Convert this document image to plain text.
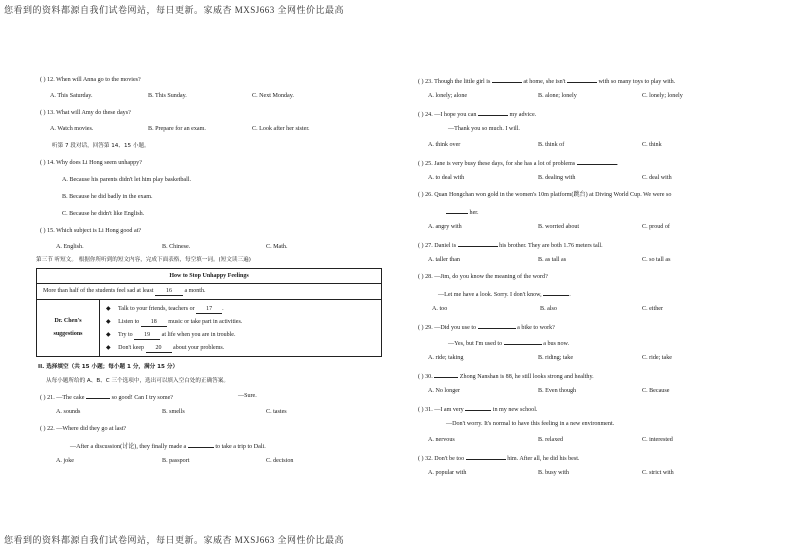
您看到的资料都源自我们试卷网站，每日更新。家威杏 MXSJ663 全网性价比最高
( ) 12. When will Anna go to the movies?
A. This Saturday.	B. This Sunday.	C. Next Monday.
( ) 13. What will Amy do these days?
A. Watch movies.	B. Prepare for an exam.	C. Look after her sister.
听第 7 段对话，回答第 14、15 小题。
( ) 14. Why does Li Hong seem unhappy?
A. Because his parents didn't let him play basketball.
B. Because he did badly in the exam.
C. Because he didn't like English.
( ) 15. Which subject is Li Hong good at?
A. English.	B. Chinese.	C. Math.
第三节 听短文。 根据你所听到的短文内容，完成下面表格，每空填一词。(短文读三遍)
How to Stop Unhappy Feelings
More than half of the students feel sad at least 16 a month.

Dr. Chen's
suggestions

◆ Talk to your friends, teachers or 17 .
◆ Listen to 18 music or take part in activities.
◆ Try to 19 at life when you are in trouble.
◆ Don't keep 20 about your problems.
II. 选择填空（共 15 小题；每小题 1 分，满分 15 分）
从每小题所给的 A、B、C 三个选项中，选出可以填入空白处的正确答案。
( ) 21. —The cake	so good! Can I try some?	—Sure.
A. sounds	B. smells	C. tastes
( ) 22. —Where did they go at last?
—After a discussion(讨论), they finally made a	to take a trip to Dali.
A. joke	B. passport	C. decision
( ) 23. Though the little girl is	at home, she isn't	with so many toys to play with.
A. lonely; alone	B. alone; lonely	C. lonely; lonely
( ) 24. —I hope you can	my advice.
—Thank you so much. I will.
A. think over	B. think of	C. think
( ) 25. Jane is very busy these days, for she has a lot of problems	.
A. to deal with	B. dealing with	C. deal with
( ) 26. Quan Hongchan won gold in the women's 10m platform(跳台) at Diving World Cup. We were so
her.
A. angry with	B. worried about	C. proud of
( ) 27. Daniel is	his brother. They are both 1.76 meters tall.
A. taller than	B. as tall as	C. so tall as
( ) 28. —Jim, do you know the meaning of the word?
—Let me have a look. Sorry. I don't know,	.
A. too	B. also	C. either
( ) 29. —Did you use to	a bike to work?
—Yes, but I'm used to	a bus now.
A. ride; taking	B. riding; take	C. ride; take
( ) 30.	Zhong Nanshan is 88, he still looks strong and healthy.
A. No longer	B. Even though	C. Because
( ) 31. —I am very	in my new school.
—Don't worry. It's normal to have this feeling in a new environment.
A. nervous	B. relaxed	C. interested
( ) 32. Don't be too	him. After all, he did his best.
A. popular with	B. busy with	C. strict with
您看到的资料都源自我们试卷网站，每日更新。家威杏 MXSJ663 全网性价比最高
